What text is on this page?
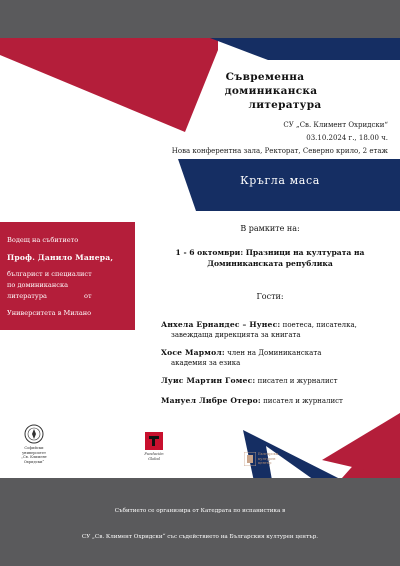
Съвременна
доминиканска
литература
СУ „Св. Климент Охридски“
03.10.2024 г., 18.00 ч.
Нова конферентна зала, Ректорат, Северно крило, 2 етаж
Кръгла маса
Водещ на събитието
Проф. Данило Манера,
българист и специалист
по доминиканска
литература	от
Университета в Милано
В рамките на:
1 - 6 октомври: Празници на културата на
Доминиканската република
Гости:
Анхела Ернандес – Нунес: поетеса, писателка,
завеждаща дирекцията за книгата
Хосе Мармол: член на Доминиканската
академия за езика
Луис Мартин Гомес: писател и журналист
Мануел Либре Отеро: писател и журналист
Софийски
университет
„Св. Климент
Охридски“
Fundación
Global
Български
културен
център
Събитието се организира от Катедрата по испанистика в
СУ „Св. Климент Охридски“ със съдействието на Българския културен център.
